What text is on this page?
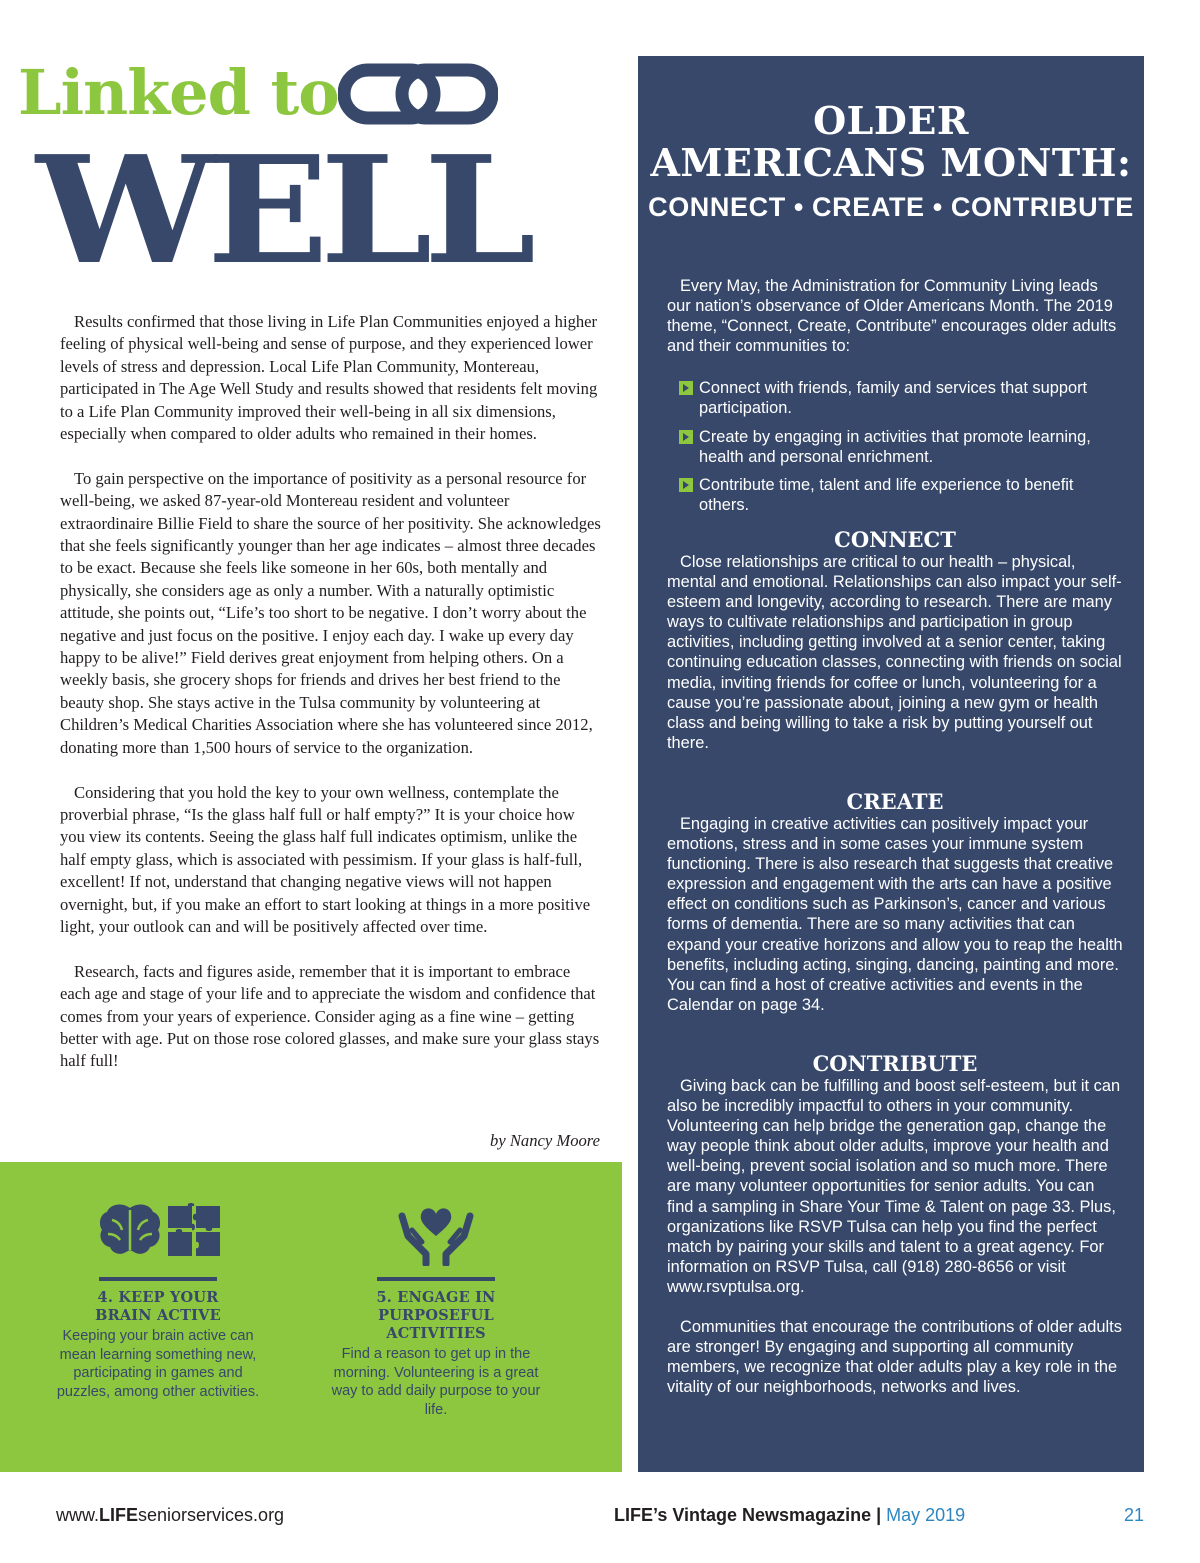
Linked to
WELL

Results confirmed that those living in Life Plan Communities enjoyed a higher feeling of physical well-being and sense of purpose, and they experienced lower levels of stress and depression. Local Life Plan Community, Montereau, participated in The Age Well Study and results showed that residents felt moving to a Life Plan Community improved their well-being in all six dimensions, especially when compared to older adults who remained in their homes.

To gain perspective on the importance of positivity as a personal resource for well-being, we asked 87-year-old Montereau resident and volunteer extraordinaire Billie Field to share the source of her positivity. She acknowledges that she feels significantly younger than her age indicates – almost three decades to be exact. Because she feels like someone in her 60s, both mentally and physically, she considers age as only a number. With a naturally optimistic attitude, she points out, “Life’s too short to be negative. I don’t worry about the negative and just focus on the positive. I enjoy each day. I wake up every day happy to be alive!” Field derives great enjoyment from helping others. On a weekly basis, she grocery shops for friends and drives her best friend to the beauty shop. She stays active in the Tulsa community by volunteering at Children’s Medical Charities Association where she has volunteered since 2012, donating more than 1,500 hours of service to the organization.

Considering that you hold the key to your own wellness, contemplate the proverbial phrase, “Is the glass half full or half empty?” It is your choice how you view its contents. Seeing the glass half full indicates optimism, unlike the half empty glass, which is associated with pessimism. If your glass is half-full, excellent! If not, understand that changing negative views will not happen overnight, but, if you make an effort to start looking at things in a more positive light, your outlook can and will be positively affected over time.

Research, facts and figures aside, remember that it is important to embrace each age and stage of your life and to appreciate the wisdom and confidence that comes from your years of experience. Consider aging as a fine wine – getting better with age. Put on those rose colored glasses, and make sure your glass stays half full!

by Nancy Moore
4. KEEP YOUR
BRAIN ACTIVE
Keeping your brain active can mean learning something new, participating in games and puzzles, among other activities.
5. ENGAGE IN
PURPOSEFUL ACTIVITIES
Find a reason to get up in the morning. Volunteering is a great way to add daily purpose to your life.
OLDER
AMERICANS MONTH:
CONNECT • CREATE • CONTRIBUTE

Every May, the Administration for Community Living leads our nation’s observance of Older Americans Month. The 2019 theme, “Connect, Create, Contribute” encourages older adults and their communities to:

Connect with friends, family and services that support participation.
Create by engaging in activities that promote learning, health and personal enrichment.
Contribute time, talent and life experience to benefit others.
CONNECT

Close relationships are critical to our health – physical, mental and emotional. Relationships can also impact your self-esteem and longevity, according to research. There are many ways to cultivate relationships and participation in group activities, including getting involved at a senior center, taking continuing education classes, connecting with friends on social media, inviting friends for coffee or lunch, volunteering for a cause you’re passionate about, joining a new gym or health class and being willing to take a risk by putting yourself out there.

CREATE

Engaging in creative activities can positively impact your emotions, stress and in some cases your immune system functioning. There is also research that suggests that creative expression and engagement with the arts can have a positive effect on conditions such as Parkinson’s, cancer and various forms of dementia. There are so many activities that can expand your creative horizons and allow you to reap the health benefits, including acting, singing, dancing, painting and more. You can find a host of creative activities and events in the Calendar on page 34.

CONTRIBUTE

Giving back can be fulfilling and boost self-esteem, but it can also be incredibly impactful to others in your community. Volunteering can help bridge the generation gap, change the way people think about older adults, improve your health and well-being, prevent social isolation and so much more. There are many volunteer opportunities for senior adults. You can find a sampling in Share Your Time & Talent on page 33. Plus, organizations like RSVP Tulsa can help you find the perfect match by pairing your skills and talent to a great agency. For information on RSVP Tulsa, call (918) 280-8656 or visit www.rsvptulsa.org.

Communities that encourage the contributions of older adults are stronger! By engaging and supporting all community members, we recognize that older adults play a key role in the vitality of our neighborhoods, networks and lives.

www.LIFEseniorservices.org	LIFE’s Vintage Newsmagazine | May 2019	21
